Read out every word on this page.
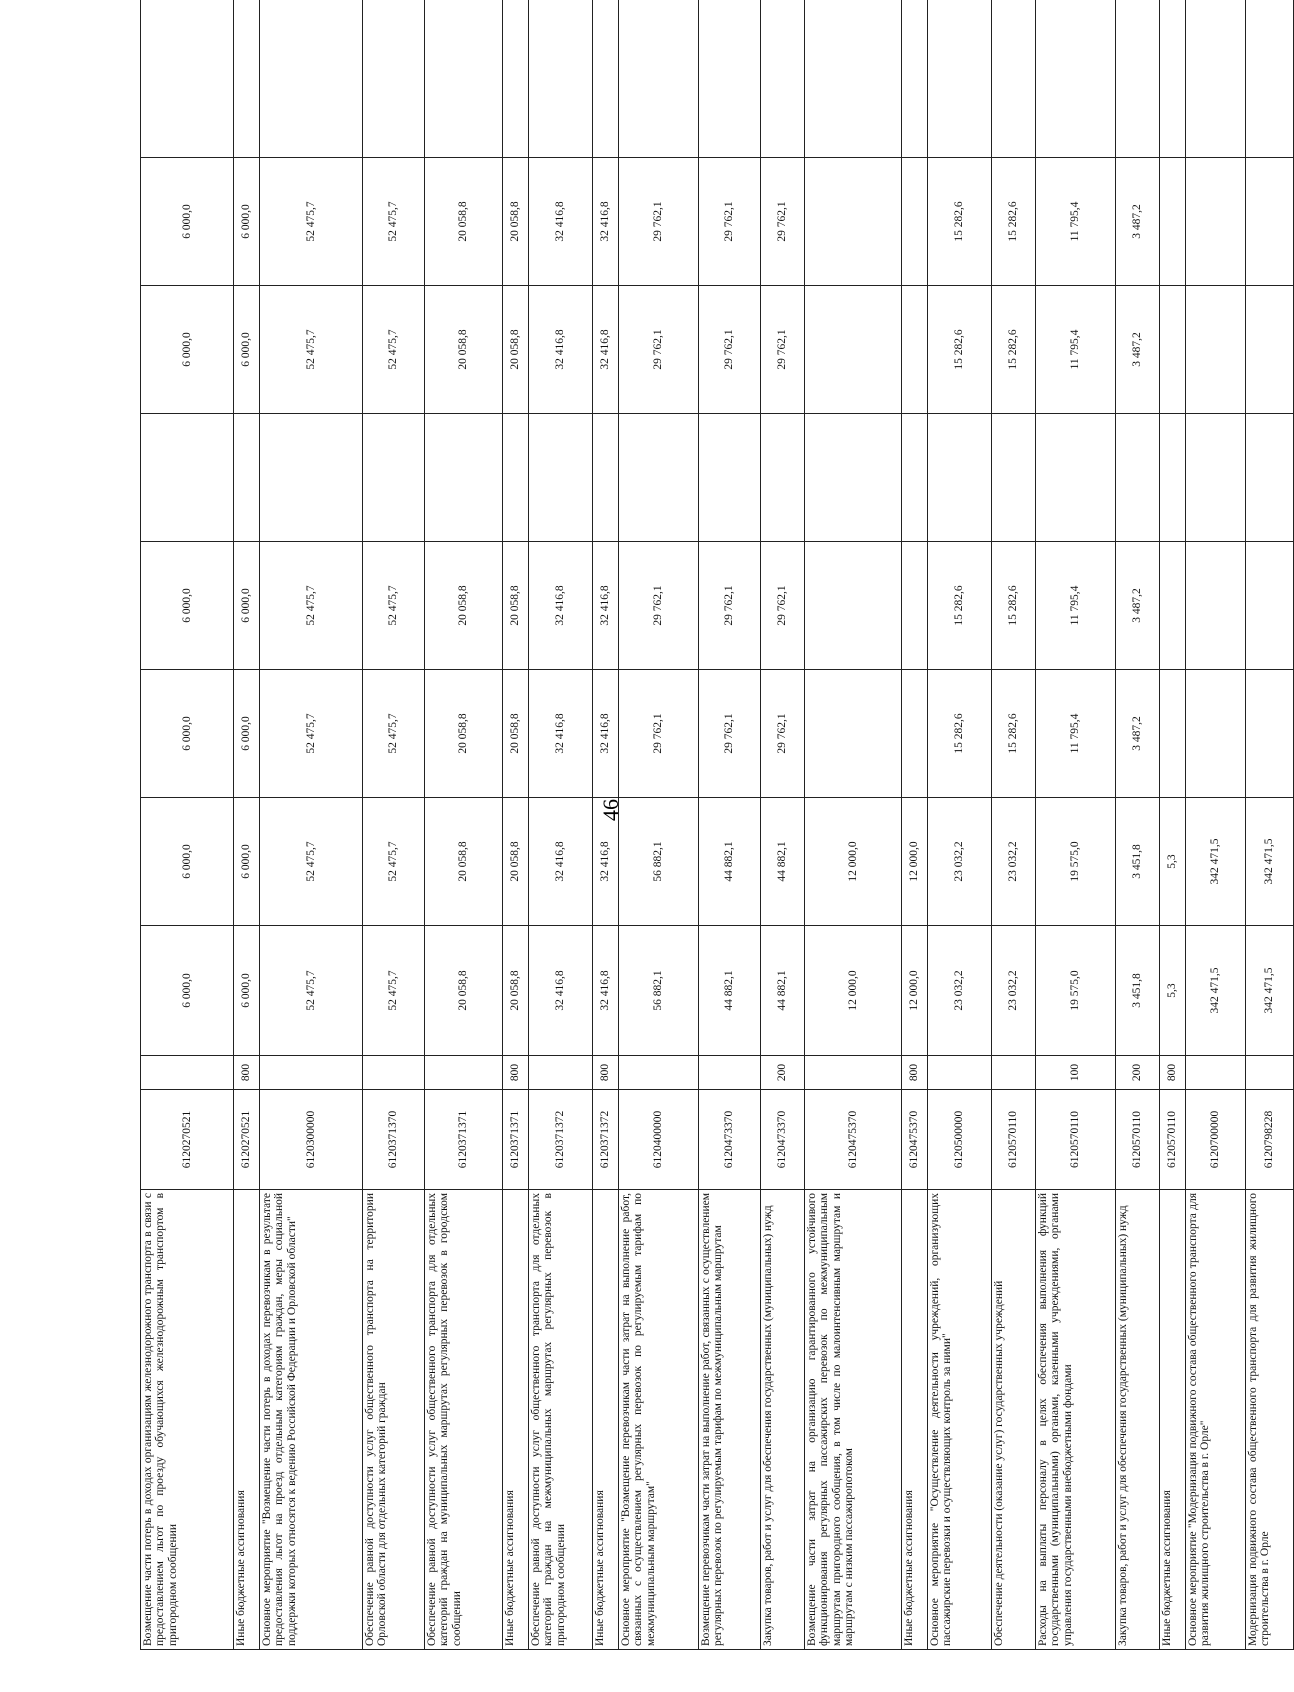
46
Возмещение части потерь в доходах организациям железнодорожного транспорта в связи с предоставлением льгот по проезду обучающихся железнодорожным транспортом в пригородном сообщении	6120270521		6 000,0	6 000,0	6 000,0	6 000,0		6 000,0	6 000,0	
Иные бюджетные ассигнования	6120270521	800	6 000,0	6 000,0	6 000,0	6 000,0		6 000,0	6 000,0	
Основное мероприятие "Возмещение части потерь в доходах перевозчикам в результате предоставления льгот на проезд отдельным категориям граждан, меры социальной поддержки которых относятся к ведению Российской Федерации и Орловской области"	6120300000		52 475,7	52 475,7	52 475,7	52 475,7		52 475,7	52 475,7	
Обеспечение равной доступности услуг общественного транспорта на территории Орловской области для отдельных категорий граждан	6120371370		52 475,7	52 475,7	52 475,7	52 475,7		52 475,7	52 475,7	
Обеспечение равной доступности услуг общественного транспорта для отдельных категорий граждан на муниципальных маршрутах регулярных перевозок в городском сообщении	6120371371		20 058,8	20 058,8	20 058,8	20 058,8		20 058,8	20 058,8	
Иные бюджетные ассигнования	6120371371	800	20 058,8	20 058,8	20 058,8	20 058,8		20 058,8	20 058,8	
Обеспечение равной доступности услуг общественного транспорта для отдельных категорий граждан на межмуниципальных маршрутах регулярных перевозок в пригородном сообщении	6120371372		32 416,8	32 416,8	32 416,8	32 416,8		32 416,8	32 416,8	
Иные бюджетные ассигнования	6120371372	800	32 416,8	32 416,8	32 416,8	32 416,8		32 416,8	32 416,8	
Основное мероприятие "Возмещение перевозчикам части затрат на выполнение работ, связанных с осуществлением регулярных перевозок по регулируемым тарифам по межмуниципальным маршрутам"	6120400000		56 882,1	56 882,1	29 762,1	29 762,1		29 762,1	29 762,1	
Возмещение перевозчикам части затрат на выполнение работ, связанных с осуществлением регулярных перевозок по регулируемым тарифам по межмуниципальным маршрутам	6120473370		44 882,1	44 882,1	29 762,1	29 762,1		29 762,1	29 762,1	
Закупка товаров, работ и услуг для обеспечения государственных (муниципальных) нужд	6120473370	200	44 882,1	44 882,1	29 762,1	29 762,1		29 762,1	29 762,1	
Возмещение части затрат на организацию гарантированного устойчивого функционирования регулярных пассажирских перевозок по межмуниципальным маршрутам пригородного сообщения, в том числе по малоинтенсивным маршрутам и маршрутам с низким пассажиропотоком	6120475370		12 000,0	12 000,0						
Иные бюджетные ассигнования	6120475370	800	12 000,0	12 000,0						
Основное мероприятие "Осуществление деятельности учреждений, организующих пассажирские перевозки и осуществляющих контроль за ними"	6120500000		23 032,2	23 032,2	15 282,6	15 282,6		15 282,6	15 282,6	
Обеспечение деятельности (оказание услуг) государственных учреждений	6120570110		23 032,2	23 032,2	15 282,6	15 282,6		15 282,6	15 282,6	
Расходы на выплаты персоналу в целях обеспечения выполнения функций государственными (муниципальными) органами, казенными учреждениями, органами управления государственными внебюджетными фондами	6120570110	100	19 575,0	19 575,0	11 795,4	11 795,4		11 795,4	11 795,4	
Закупка товаров, работ и услуг для обеспечения государственных (муниципальных) нужд	6120570110	200	3 451,8	3 451,8	3 487,2	3 487,2		3 487,2	3 487,2	
Иные бюджетные ассигнования	6120570110	800	5,3	5,3						
Основное мероприятие "Модернизация подвижного состава общественного транспорта для развития жилищного строительства в г. Орле"	6120700000		342 471,5	342 471,5						
Модернизация подвижного состава общественного транспорта для развития жилищного строительства в г. Орле	6120798228		342 471,5	342 471,5						
